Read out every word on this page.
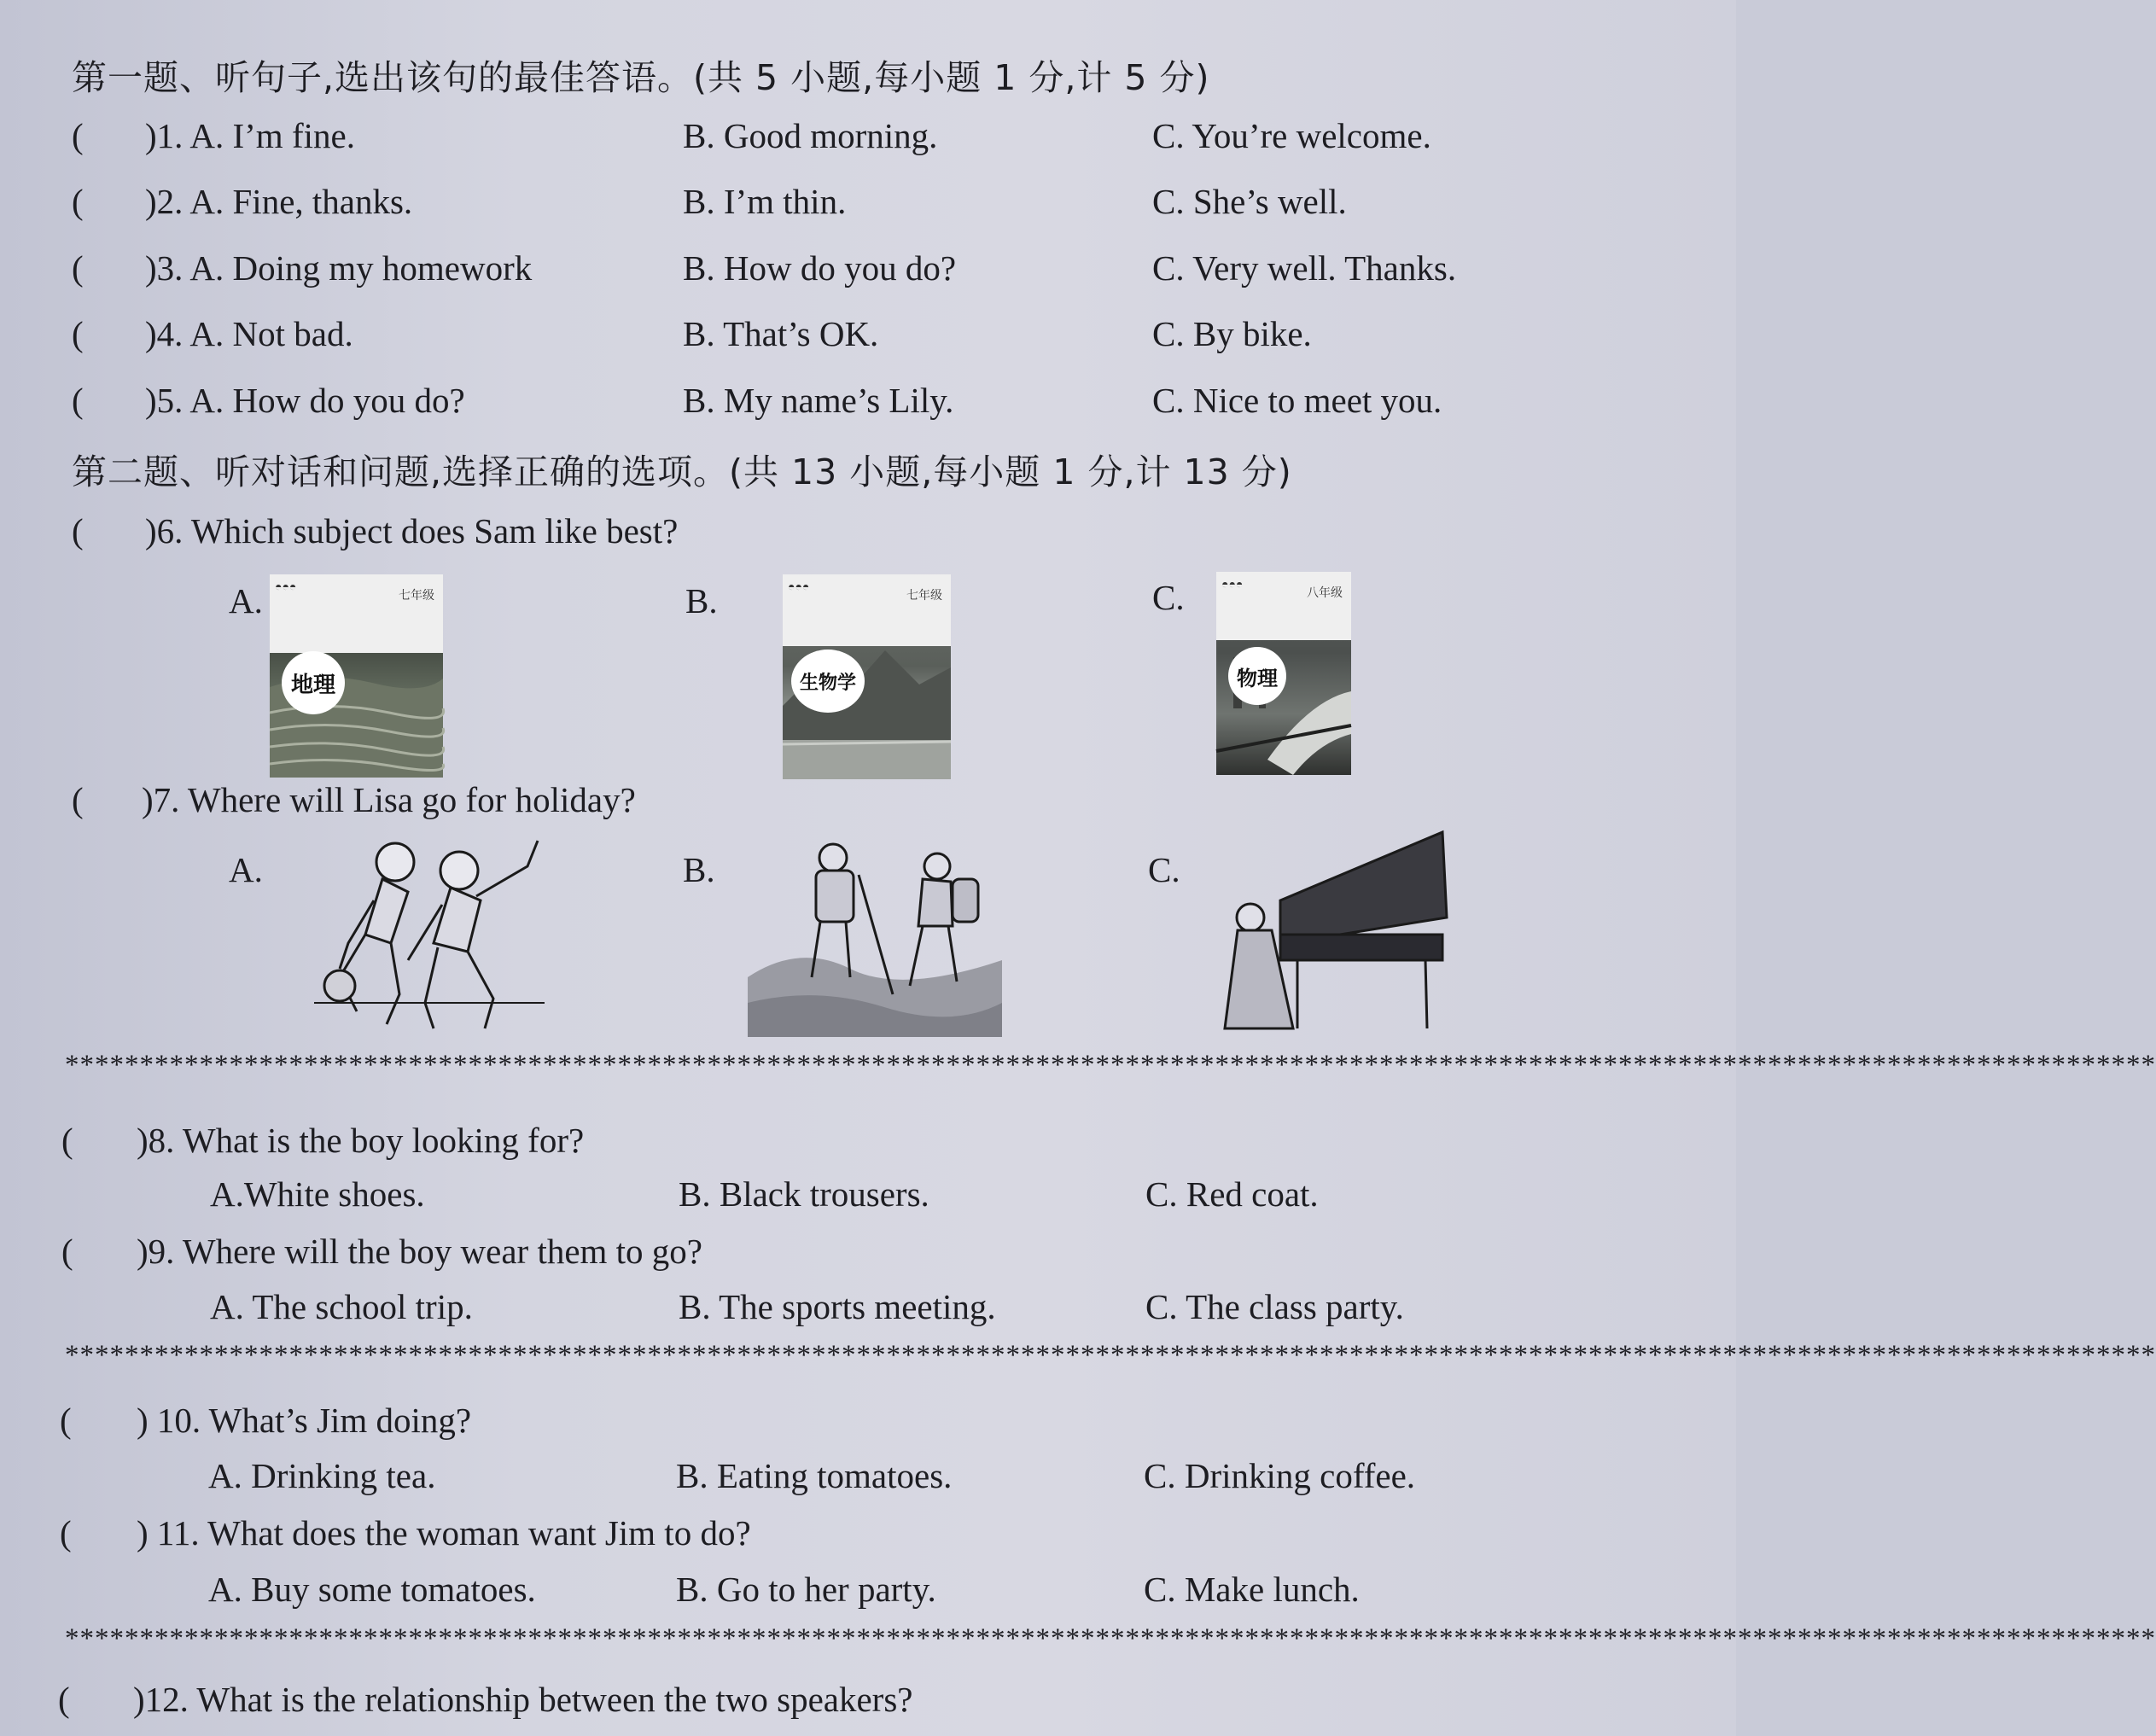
第一题、听句子,选出该句的最佳答语。(共 5 小题,每小题 1 分,计 5 分)
( )1. A. I’m fine.	B. Good morning.	C. You’re welcome.
( )2. A. Fine, thanks.	B. I’m thin.	C. She’s well.
( )3. A. Doing my homework	B. How do you do?	C. Very well. Thanks.
( )4. A. Not bad.	B. That’s OK.	C. By bike.
( )5. A. How do you do?	B. My name’s Lily.	C. Nice to meet you.
第二题、听对话和问题,选择正确的选项。(共 13 小题,每小题 1 分,计 13 分)
( )6. Which subject does Sam like best?
A. ◓◓◓
七年级
地理
B.	◓◓◓
七年级
生物学
C.	◓◓◓
八年级
物理
( )7. Where will Lisa go for holiday?
A.	B.	C.
********************************************************************************************************************************************
( )8. What is the boy looking for?
A.White shoes.	B. Black trousers.	C. Red coat.
( )9. Where will the boy wear them to go?
A. The school trip.	B. The sports meeting.	C. The class party.
********************************************************************************************************************************************
( ) 10. What’s Jim doing?
A. Drinking tea.	B. Eating tomatoes.	C. Drinking coffee.
( ) 11. What does the woman want Jim to do?
A. Buy some tomatoes.	B. Go to her party.	C. Make lunch.
********************************************************************************************************************************************
( )12. What is the relationship between the two speakers?
